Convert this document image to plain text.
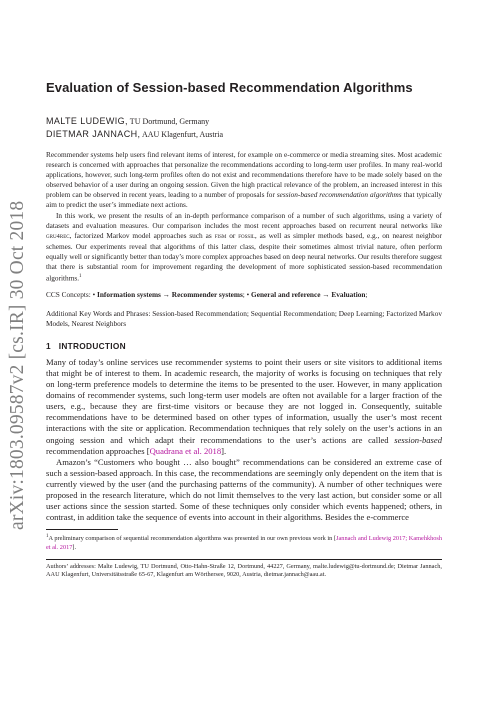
arXiv:1803.09587v2 [cs.IR] 30 Oct 2018
Evaluation of Session-based Recommendation Algorithms
MALTE LUDEWIG, TU Dortmund, Germany
DIETMAR JANNACH, AAU Klagenfurt, Austria

Recommender systems help users find relevant items of interest, for example on e-commerce or media streaming sites. Most academic research is concerned with approaches that personalize the recommendations according to long-term user profiles. In many real-world applications, however, such long-term profiles often do not exist and recommendations therefore have to be made solely based on the observed behavior of a user during an ongoing session. Given the high practical relevance of the problem, an increased interest in this problem can be observed in recent years, leading to a number of proposals for session-based recommendation algorithms that typically aim to predict the user’s immediate next actions.

In this work, we present the results of an in-depth performance comparison of a number of such algorithms, using a variety of datasets and evaluation measures. Our comparison includes the most recent approaches based on recurrent neural networks like gru4rec, factorized Markov model approaches such as fism or fossil, as well as simpler methods based, e.g., on nearest neighbor schemes. Our experiments reveal that algorithms of this latter class, despite their sometimes almost trivial nature, often perform equally well or significantly better than today’s more complex approaches based on deep neural networks. Our results therefore suggest that there is substantial room for improvement regarding the development of more sophisticated session-based recommendation algorithms.$^1$

CCS Concepts: • Information systems → Recommender systems; • General and reference → Evaluation;
Additional Key Words and Phrases: Session-based Recommendation; Sequential Recommendation; Deep Learning; Factorized Markov Models, Nearest Neighbors
1 INTRODUCTION

Many of today’s online services use recommender systems to point their users or site visitors to additional items that might be of interest to them. In academic research, the majority of works is focusing on techniques that rely on long-term preference models to determine the items to be presented to the user. However, in many application domains of recommender systems, such long-term user models are often not available for a larger fraction of the users, e.g., because they are first-time visitors or because they are not logged in. Consequently, suitable recommendations have to be determined based on other types of information, usually the user’s most recent interactions with the site or application. Recommendation techniques that rely solely on the user’s actions in an ongoing session and which adapt their recommendations to the user’s actions are called session-based recommendation approaches [Quadrana et al. 2018].

Amazon’s “Customers who bought … also bought” recommendations can be considered an extreme case of such a session-based approach. In this case, the recommendations are seemingly only dependent on the item that is currently viewed by the user (and the purchasing patterns of the community). A number of other techniques were proposed in the research literature, which do not limit themselves to the very last action, but consider some or all user actions since the session started. Some of these techniques only consider which events happened; others, in contrast, in addition take the sequence of events into account in their algorithms. Besides the e-commerce

$^1$A preliminary comparison of sequential recommendation algorithms was presented in our own previous work in [Jannach and Ludewig 2017; Kamehkhosh et al. 2017].
Authors’ addresses: Malte Ludewig, TU Dortmund, Otto-Hahn-Straße 12, Dortmund, 44227, Germany, malte.ludewig@tu-dortmund.de; Dietmar Jannach, AAU Klagenfurt, Universitätsstraße 65-67, Klagenfurt am Wörthersee, 9020, Austria, dietmar.jannach@aau.at.
